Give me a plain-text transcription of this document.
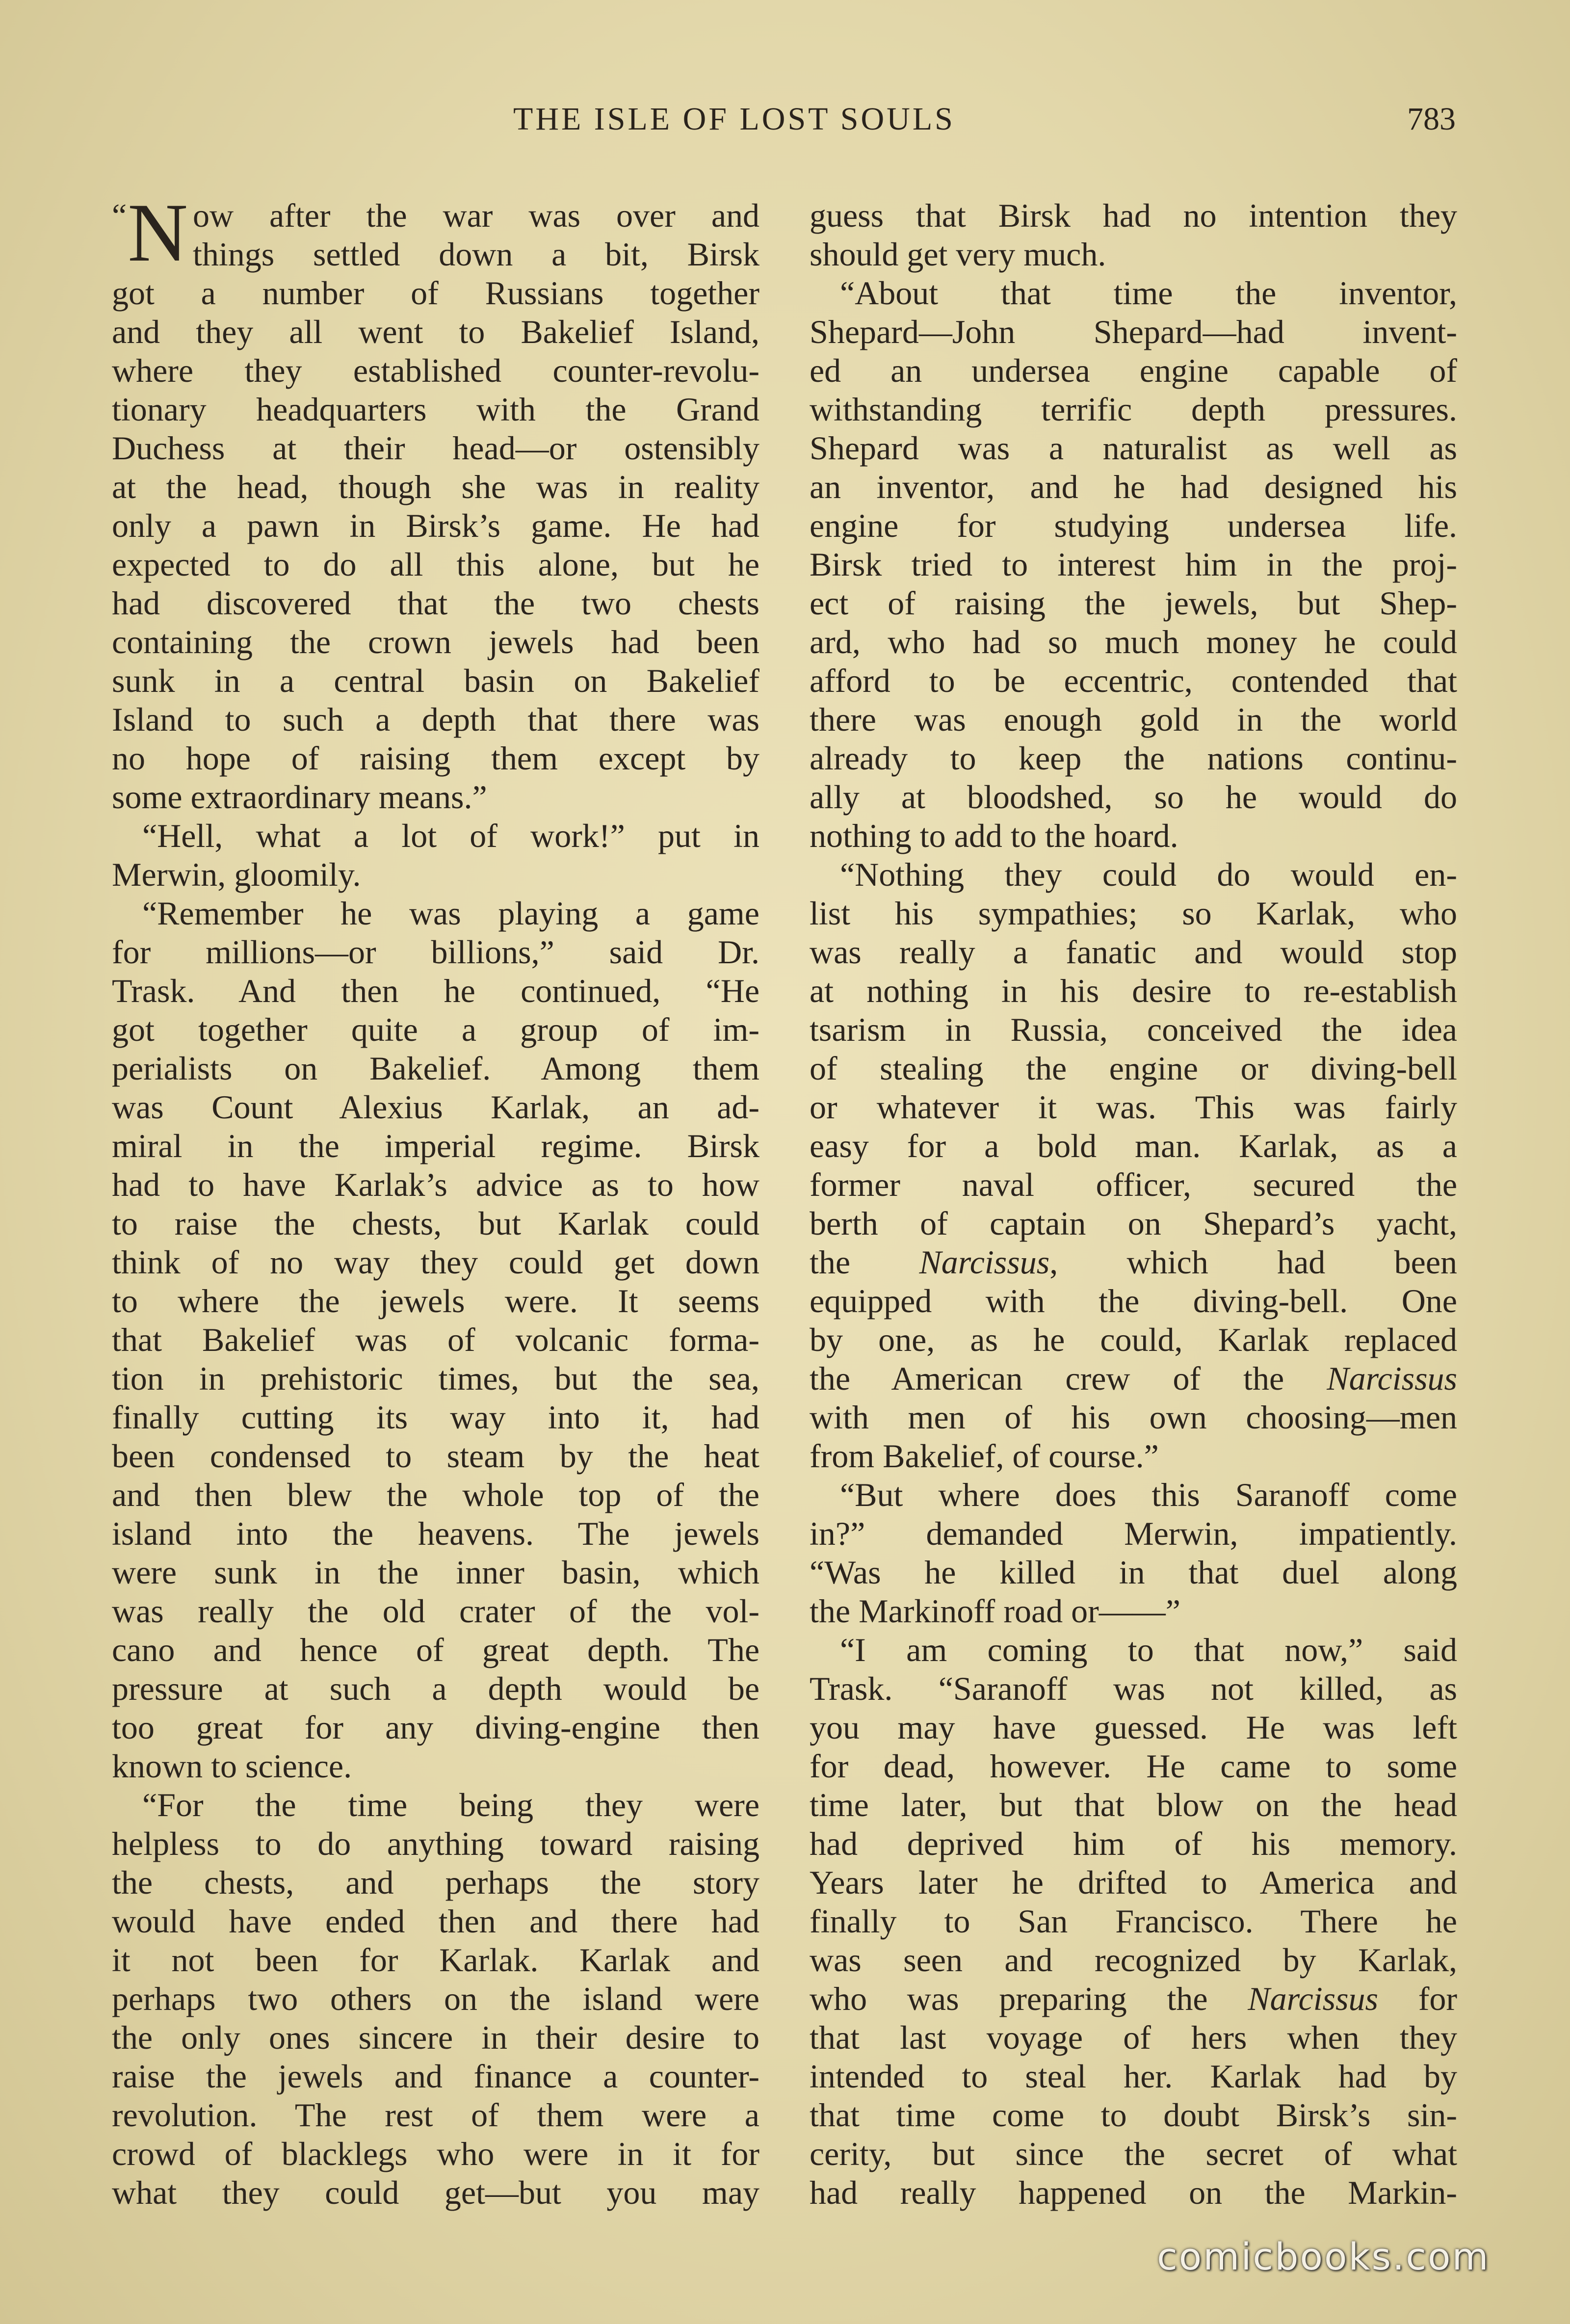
THE ISLE OF LOST SOULS	783
“ N ow after the war was over and
things settled down a bit, Birsk
got a number of Russians together
and they all went to Bakelief Island,
where they established counter-revolu-
tionary headquarters with the Grand
Duchess at their head—or ostensibly
at the head, though she was in reality
only a pawn in Birsk’s game. He had
expected to do all this alone, but he
had discovered that the two chests
containing the crown jewels had been
sunk in a central basin on Bakelief
Island to such a depth that there was
no hope of raising them except by
some extraordinary means.”
“Hell, what a lot of work!” put in
Merwin, gloomily.
“Remember he was playing a game
for millions—or billions,” said Dr.
Trask. And then he continued, “He
got together quite a group of im-
perialists on Bakelief. Among them
was Count Alexius Karlak, an ad-
miral in the imperial regime. Birsk
had to have Karlak’s advice as to how
to raise the chests, but Karlak could
think of no way they could get down
to where the jewels were. It seems
that Bakelief was of volcanic forma-
tion in prehistoric times, but the sea,
finally cutting its way into it, had
been condensed to steam by the heat
and then blew the whole top of the
island into the heavens. The jewels
were sunk in the inner basin, which
was really the old crater of the vol-
cano and hence of great depth. The
pressure at such a depth would be
too great for any diving-engine then
known to science.
“For the time being they were
helpless to do anything toward raising
the chests, and perhaps the story
would have ended then and there had
it not been for Karlak. Karlak and
perhaps two others on the island were
the only ones sincere in their desire to
raise the jewels and finance a counter-
revolution. The rest of them were a
crowd of blacklegs who were in it for
what they could get—but you may
guess that Birsk had no intention they
should get very much.
“About that time the inventor,
Shepard—John Shepard—had invent-
ed an undersea engine capable of
withstanding terrific depth pressures.
Shepard was a naturalist as well as
an inventor, and he had designed his
engine for studying undersea life.
Birsk tried to interest him in the proj-
ect of raising the jewels, but Shep-
ard, who had so much money he could
afford to be eccentric, contended that
there was enough gold in the world
already to keep the nations continu-
ally at bloodshed, so he would do
nothing to add to the hoard.
“Nothing they could do would en-
list his sympathies; so Karlak, who
was really a fanatic and would stop
at nothing in his desire to re-establish
tsarism in Russia, conceived the idea
of stealing the engine or diving-bell
or whatever it was. This was fairly
easy for a bold man. Karlak, as a
former naval officer, secured the
berth of captain on Shepard’s yacht,
the Narcissus, which had been
equipped with the diving-bell. One
by one, as he could, Karlak replaced
the American crew of the Narcissus
with men of his own choosing—men
from Bakelief, of course.”
“But where does this Saranoff come
in?” demanded Merwin, impatiently.
“Was he killed in that duel along
the Markinoff road or——”
“I am coming to that now,” said
Trask. “Saranoff was not killed, as
you may have guessed. He was left
for dead, however. He came to some
time later, but that blow on the head
had deprived him of his memory.
Years later he drifted to America and
finally to San Francisco. There he
was seen and recognized by Karlak,
who was preparing the Narcissus for
that last voyage of hers when they
intended to steal her. Karlak had by
that time come to doubt Birsk’s sin-
cerity, but since the secret of what
had really happened on the Markin-
comicbooks.com
